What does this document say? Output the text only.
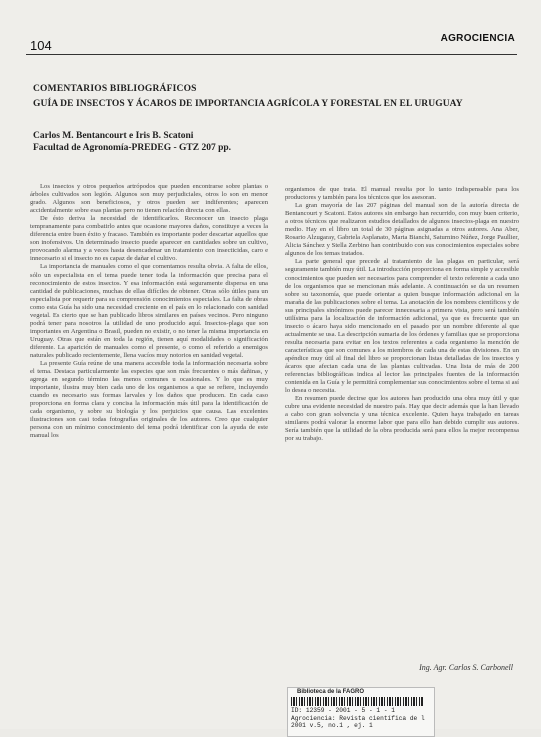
104	AGROCIENCIA
COMENTARIOS BIBLIOGRÁFICOS
GUÍA DE INSECTOS Y ÁCAROS DE IMPORTANCIA AGRÍCOLA Y FORESTAL EN EL URUGUAY
Carlos M. Bentancourt e Iris B. Scatoni
Facultad de Agronomía-PREDEG - GTZ 207 pp.

Los insectos y otros pequeños artrópodos que pueden encontrarse sobre plantas o árboles cultivados son legión. Algunos son muy perjudiciales, otros lo son en menor grado. Algunos son beneficiosos, y otros pueden ser indiferentes; aparecen accidentalmente sobre esas plantas pero no tienen relación directa con ellas.

De ésto deriva la necesidad de identificarlos. Reconocer un insecto plaga tempranamente para combatirlo antes que ocasione mayores daños, constituye a veces la diferencia entre buen éxito y fracaso. También es importante poder descartar aquellos que son inofensivos. Un determinado insecto puede aparecer en cantidades sobre un cultivo, provocando alarma y a veces hasta desencadenar un tratamiento con insecticidas, caro e innecesario si el insecto no es capaz de dañar el cultivo.

La importancia de manuales como el que comentamos resulta obvia. A falta de ellos, sólo un especialista en el tema puede tener toda la información que precisa para el reconocimiento de estos insectos. Y esa información está seguramente dispersa en una cantidad de publicaciones, muchas de ellas difíciles de obtener. Otras sólo útiles para un especialista por requerir para su comprensión conocimientos especiales. La falta de obras como esta Guía ha sido una necesidad creciente en el país en lo relacionado con sanidad vegetal. Es cierto que se han publicado libros similares en países vecinos. Pero ninguno podrá tener para nosotros la utilidad de uno producido aquí. Insectos-plaga que son importantes en Argentina o Brasil, pueden no existir, o no tener la misma importancia en Uruguay. Otras que están en toda la región, tienen aquí modalidades o significación diferente. La aparición de manuales como el presente, o como el referido a enemigos naturales publicado recientemente, llena vacíos muy notorios en sanidad vegetal.

La presente Guía reúne de una manera accesible toda la información necesaria sobre el tema. Destaca particularmente las especies que son más frecuentes o más dañinas, y agrega en segundo término las menos comunes u ocasionales. Y lo que es muy importante, ilustra muy bien cada uno de los organismos a que se refiere, incluyendo cuando es necesario sus formas larvales y los daños que producen. En cada caso proporciona en forma clara y concisa la información más útil para la identificación de cada organismo, y sobre su biología y los perjuicios que causa. Las excelentes ilustraciones son casi todas fotografías originales de los autores. Creo que cualquier persona con un mínimo conocimiento del tema podrá identificar con la ayuda de este manual los

organismos de que trata. El manual resulta por lo tanto indispensable para los productores y también para los técnicos que los asesoran.

La gran mayoría de las 207 páginas del manual son de la autoría directa de Bentancourt y Scatoni. Estos autores sin embargo han recurrido, con muy buen criterio, a otros técnicos que realizaron estudios detallados de algunos insectos-plaga en nuestro medio. Hay en el libro un total de 30 páginas asignadas a otros autores. Ana Aber, Rosario Alzugaray, Gabriela Asplanato, Marta Bianchi, Saturnino Núñez, Jorge Paullier, Alicia Sánchez y Stella Zerbino han contribuido con sus conocimientos especiales sobre algunos de los temas tratados.

La parte general que precede al tratamiento de las plagas en particular, será seguramente también muy útil. La introducción proporciona en forma simple y accesible conocimientos que pueden ser necesarios para comprender el texto referente a cada uno de los organismos que se mencionan más adelante. A continuación se da un resumen sobre su taxonomía, que puede orientar a quien busque información adicional en la maraña de las publicaciones sobre el tema. La anotación de los nombres científicos y de sus principales sinónimos puede parecer innecesaria a primera vista, pero será también utilísima para la localización de información adicional, ya que es frecuente que un insecto o ácaro haya sido mencionado en el pasado por un nombre diferente al que actualmente se usa. La descripción sumaria de los órdenes y familias que se proporciona resulta necesaria para evitar en los textos referentes a cada organismo la mención de características que son comunes a los miembros de cada una de estas divisiones. En un apéndice muy útil al final del libro se proporcionan listas detalladas de los insectos y ácaros que afectan cada una de las plantas cultivadas. Una lista de más de 200 referencias bibliográficas indica al lector las principales fuentes de la información contenida en la Guía y le permitirá complementar sus conocimientos sobre el tema si así lo desea o necesita.

En resumen puede decirse que los autores han producido una obra muy útil y que cubre una evidente necesidad de nuestro país. Hay que decir además que la han llevado a cabo con gran solvencia y una técnica excelente. Quien haya trabajado en tareas similares podrá valorar la enorme labor que para ello han debido cumplir sus autores. Sería también que la utilidad de la obra producida será para ellos la mejor recompensa por su trabajo.

Ing. Agr. Carlos S. Carbonell
Biblioteca de la FAGRO
ID: 12359 - 2001 - 5 - 1 - 1
Agrociencia: Revista científica de l
2001 v.5, no.1 , ej. 1
